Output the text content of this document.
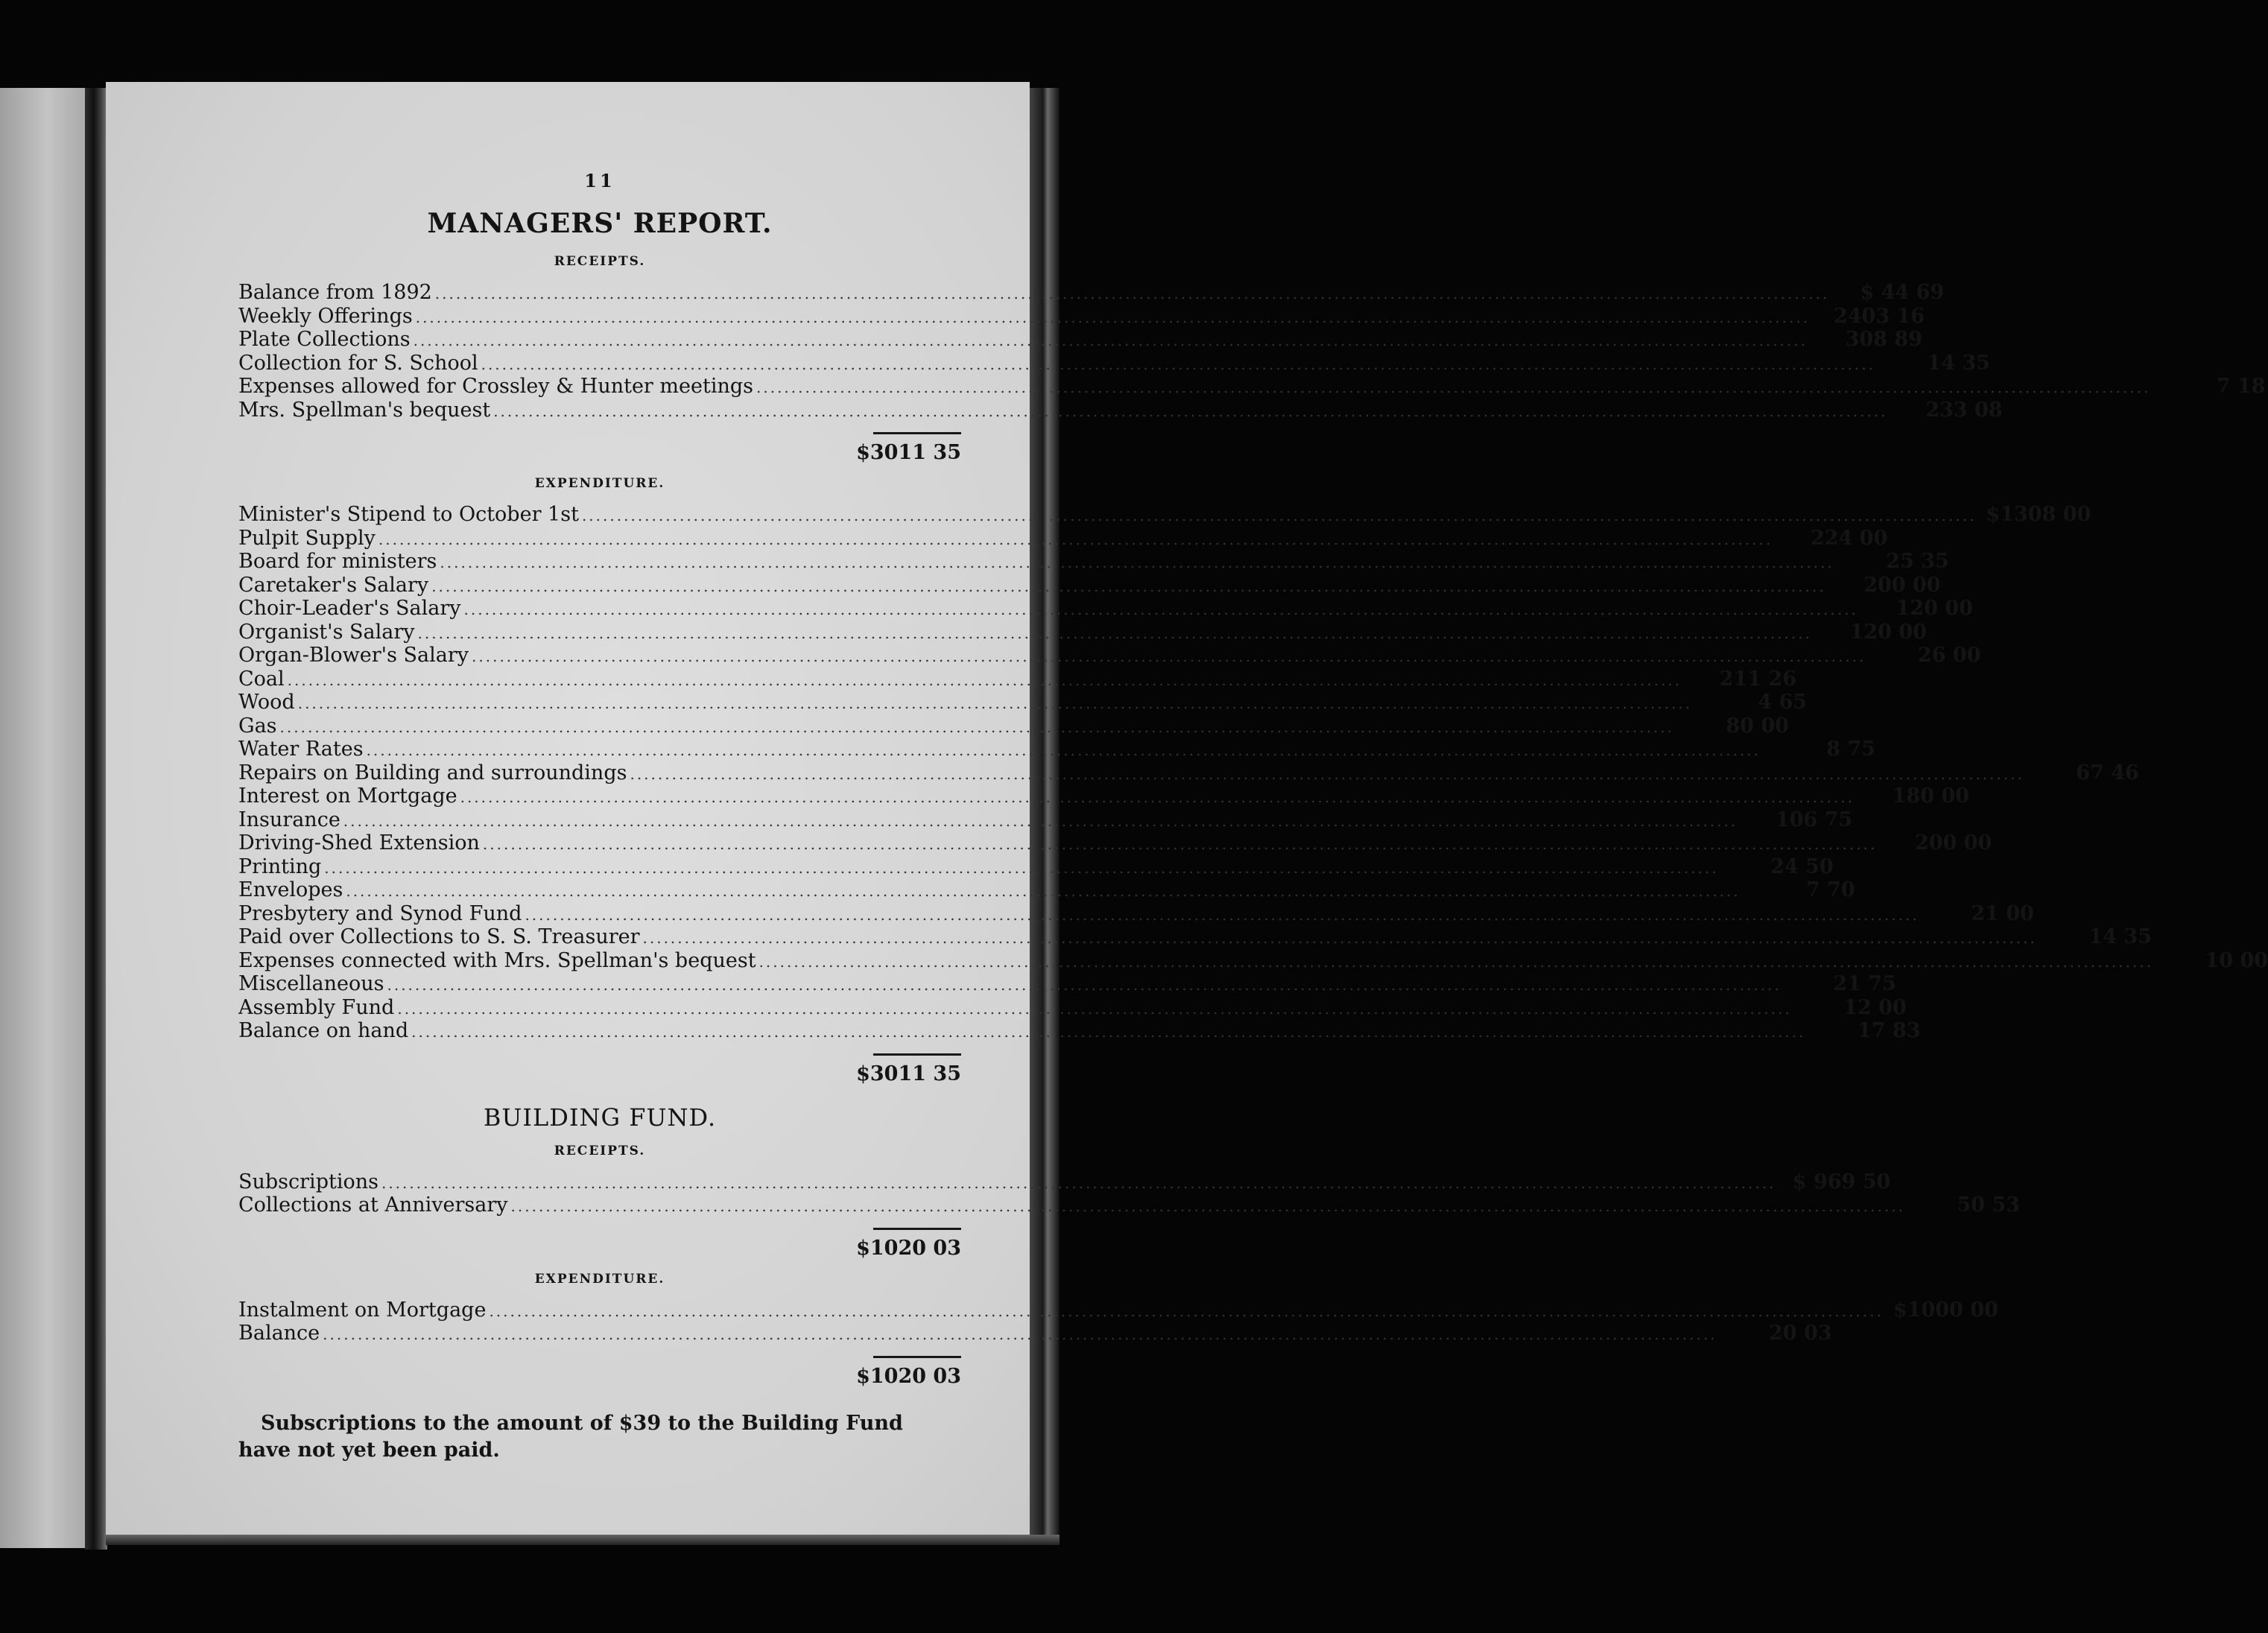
11
MANAGERS' REPORT.
RECEIPTS.
Balance from 1892 ........................................................................................................................................................................................................	$ 44 69
Weekly Offerings ........................................................................................................................................................................................................	2403 16
Plate Collections ........................................................................................................................................................................................................	308 89
Collection for S. School ........................................................................................................................................................................................................	14 35
Expenses allowed for Crossley & Hunter meetings ........................................................................................................................................................................................................	7 18
Mrs. Spellman's bequest ........................................................................................................................................................................................................	233 08
$3011 35
EXPENDITURE.
Minister's Stipend to October 1st ........................................................................................................................................................................................................ $1308 00
Pulpit Supply ........................................................................................................................................................................................................	224 00
Board for ministers ........................................................................................................................................................................................................	25 35
Caretaker's Salary ........................................................................................................................................................................................................	200 00
Choir-Leader's Salary ........................................................................................................................................................................................................	120 00
Organist's Salary ........................................................................................................................................................................................................	120 00
Organ-Blower's Salary ........................................................................................................................................................................................................	26 00
Coal ........................................................................................................................................................................................................	211 26
Wood ........................................................................................................................................................................................................	4 65
Gas ........................................................................................................................................................................................................	80 00
Water Rates ........................................................................................................................................................................................................	8 75
Repairs on Building and surroundings ........................................................................................................................................................................................................	67 46
Interest on Mortgage ........................................................................................................................................................................................................	180 00
Insurance ........................................................................................................................................................................................................	106 75
Driving-Shed Extension ........................................................................................................................................................................................................	200 00
Printing ........................................................................................................................................................................................................	24 50
Envelopes ........................................................................................................................................................................................................	7 70
Presbytery and Synod Fund ........................................................................................................................................................................................................	21 00
Paid over Collections to S. S. Treasurer ........................................................................................................................................................................................................	14 35
Expenses connected with Mrs. Spellman's bequest ........................................................................................................................................................................................................	10 00
Miscellaneous ........................................................................................................................................................................................................	21 75
Assembly Fund ........................................................................................................................................................................................................	12 00
Balance on hand ........................................................................................................................................................................................................	17 83
$3011 35
BUILDING FUND.
RECEIPTS.
Subscriptions ........................................................................................................................................................................................................ $ 969 50
Collections at Anniversary ........................................................................................................................................................................................................	50 53
$1020 03
EXPENDITURE.
Instalment on Mortgage ........................................................................................................................................................................................................ $1000 00
Balance ........................................................................................................................................................................................................	20 03
$1020 03
Subscriptions to the amount of $39 to the Building Fund have not yet been paid.
